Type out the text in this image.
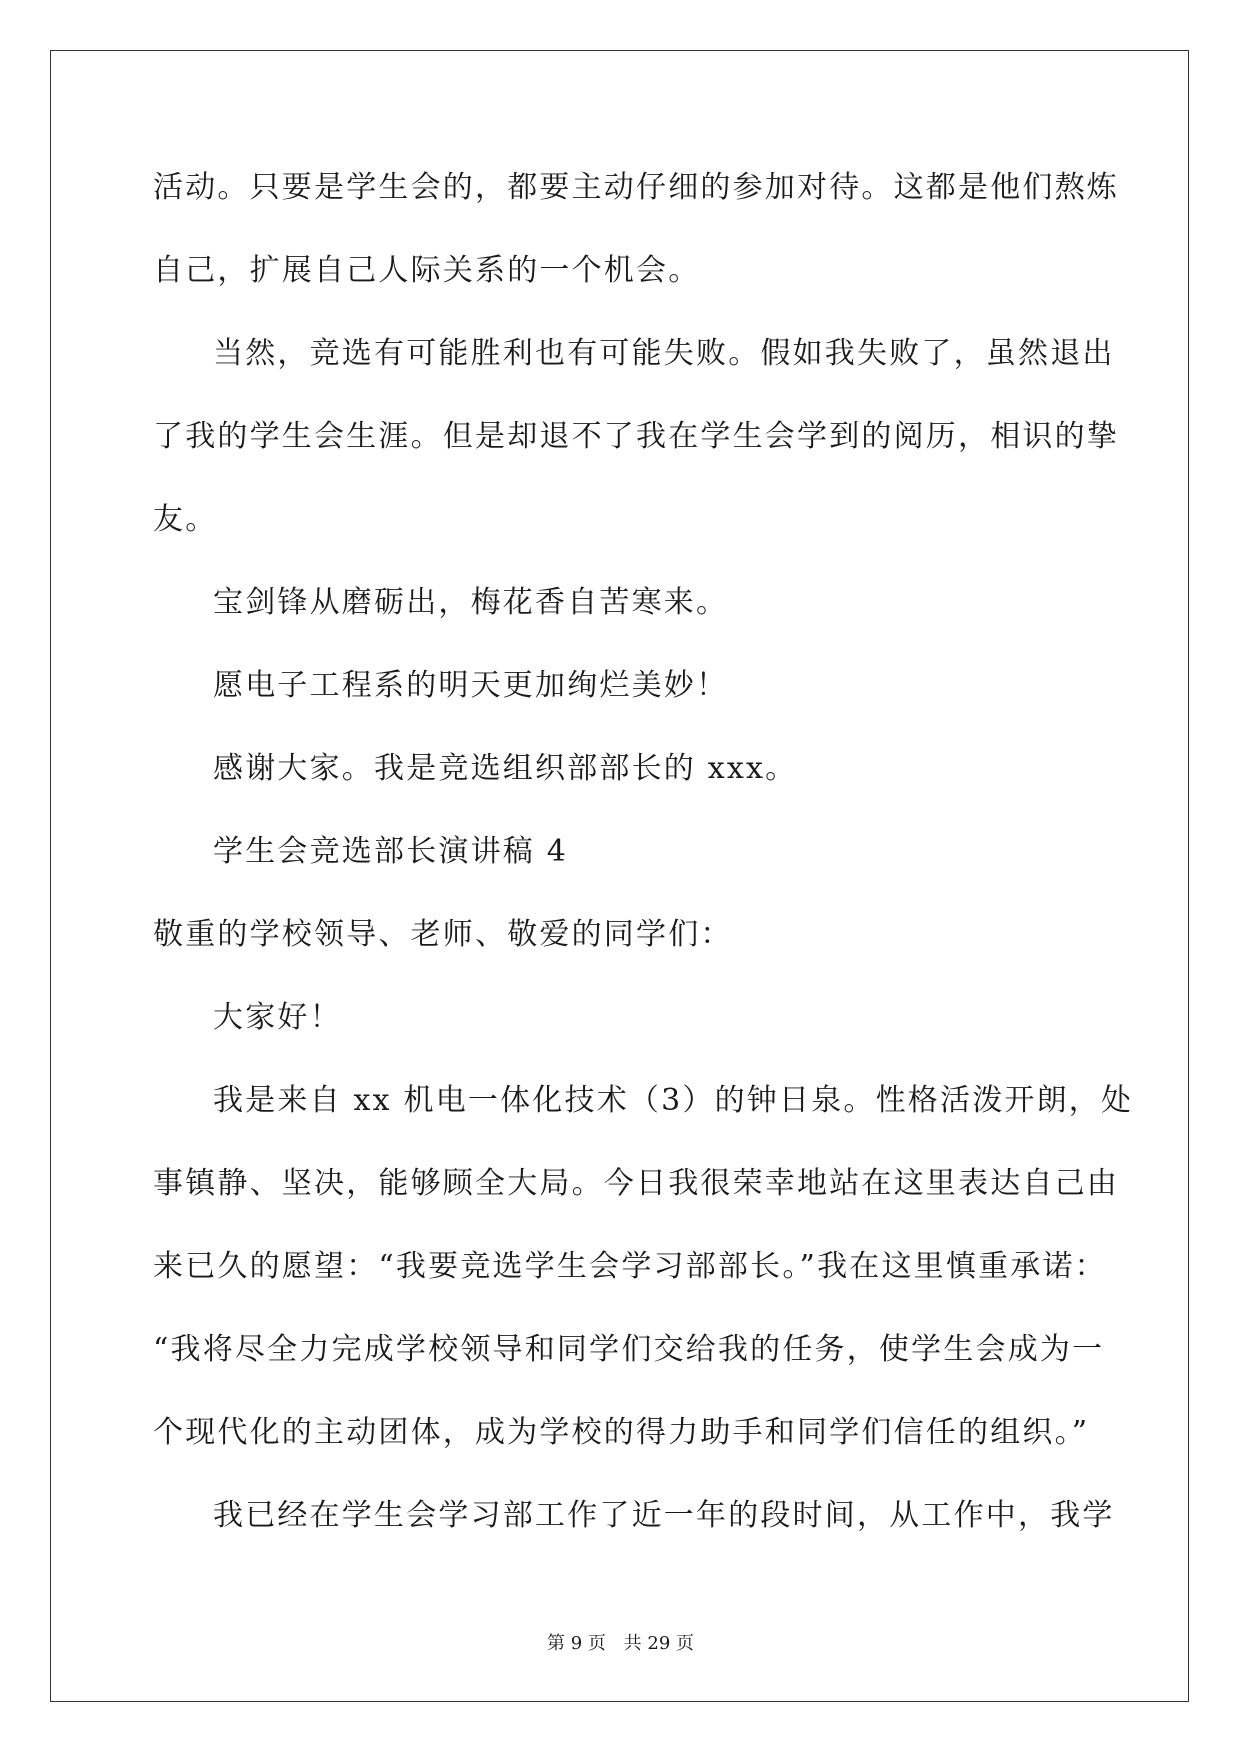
活动。只要是学生会的，都要主动仔细的参加对待。这都是他们熬炼
自己，扩展自己人际关系的一个机会。
当然，竞选有可能胜利也有可能失败。假如我失败了，虽然退出
了我的学生会生涯。但是却退不了我在学生会学到的阅历，相识的挚
友。
宝剑锋从磨砺出，梅花香自苦寒来。
愿电子工程系的明天更加绚烂美妙！
感谢大家。我是竞选组织部部长的 xxx。
学生会竞选部长演讲稿 4
敬重的学校领导、老师、敬爱的同学们：
大家好！
我是来自 xx 机电一体化技术（3）的钟日泉。性格活泼开朗，处
事镇静、坚决，能够顾全大局。今日我很荣幸地站在这里表达自己由
来已久的愿望：“我要竞选学生会学习部部长。”我在这里慎重承诺：
“我将尽全力完成学校领导和同学们交给我的任务，使学生会成为一
个现代化的主动团体，成为学校的得力助手和同学们信任的组织。”
我已经在学生会学习部工作了近一年的段时间，从工作中，我学
第 9 页 共 29 页
